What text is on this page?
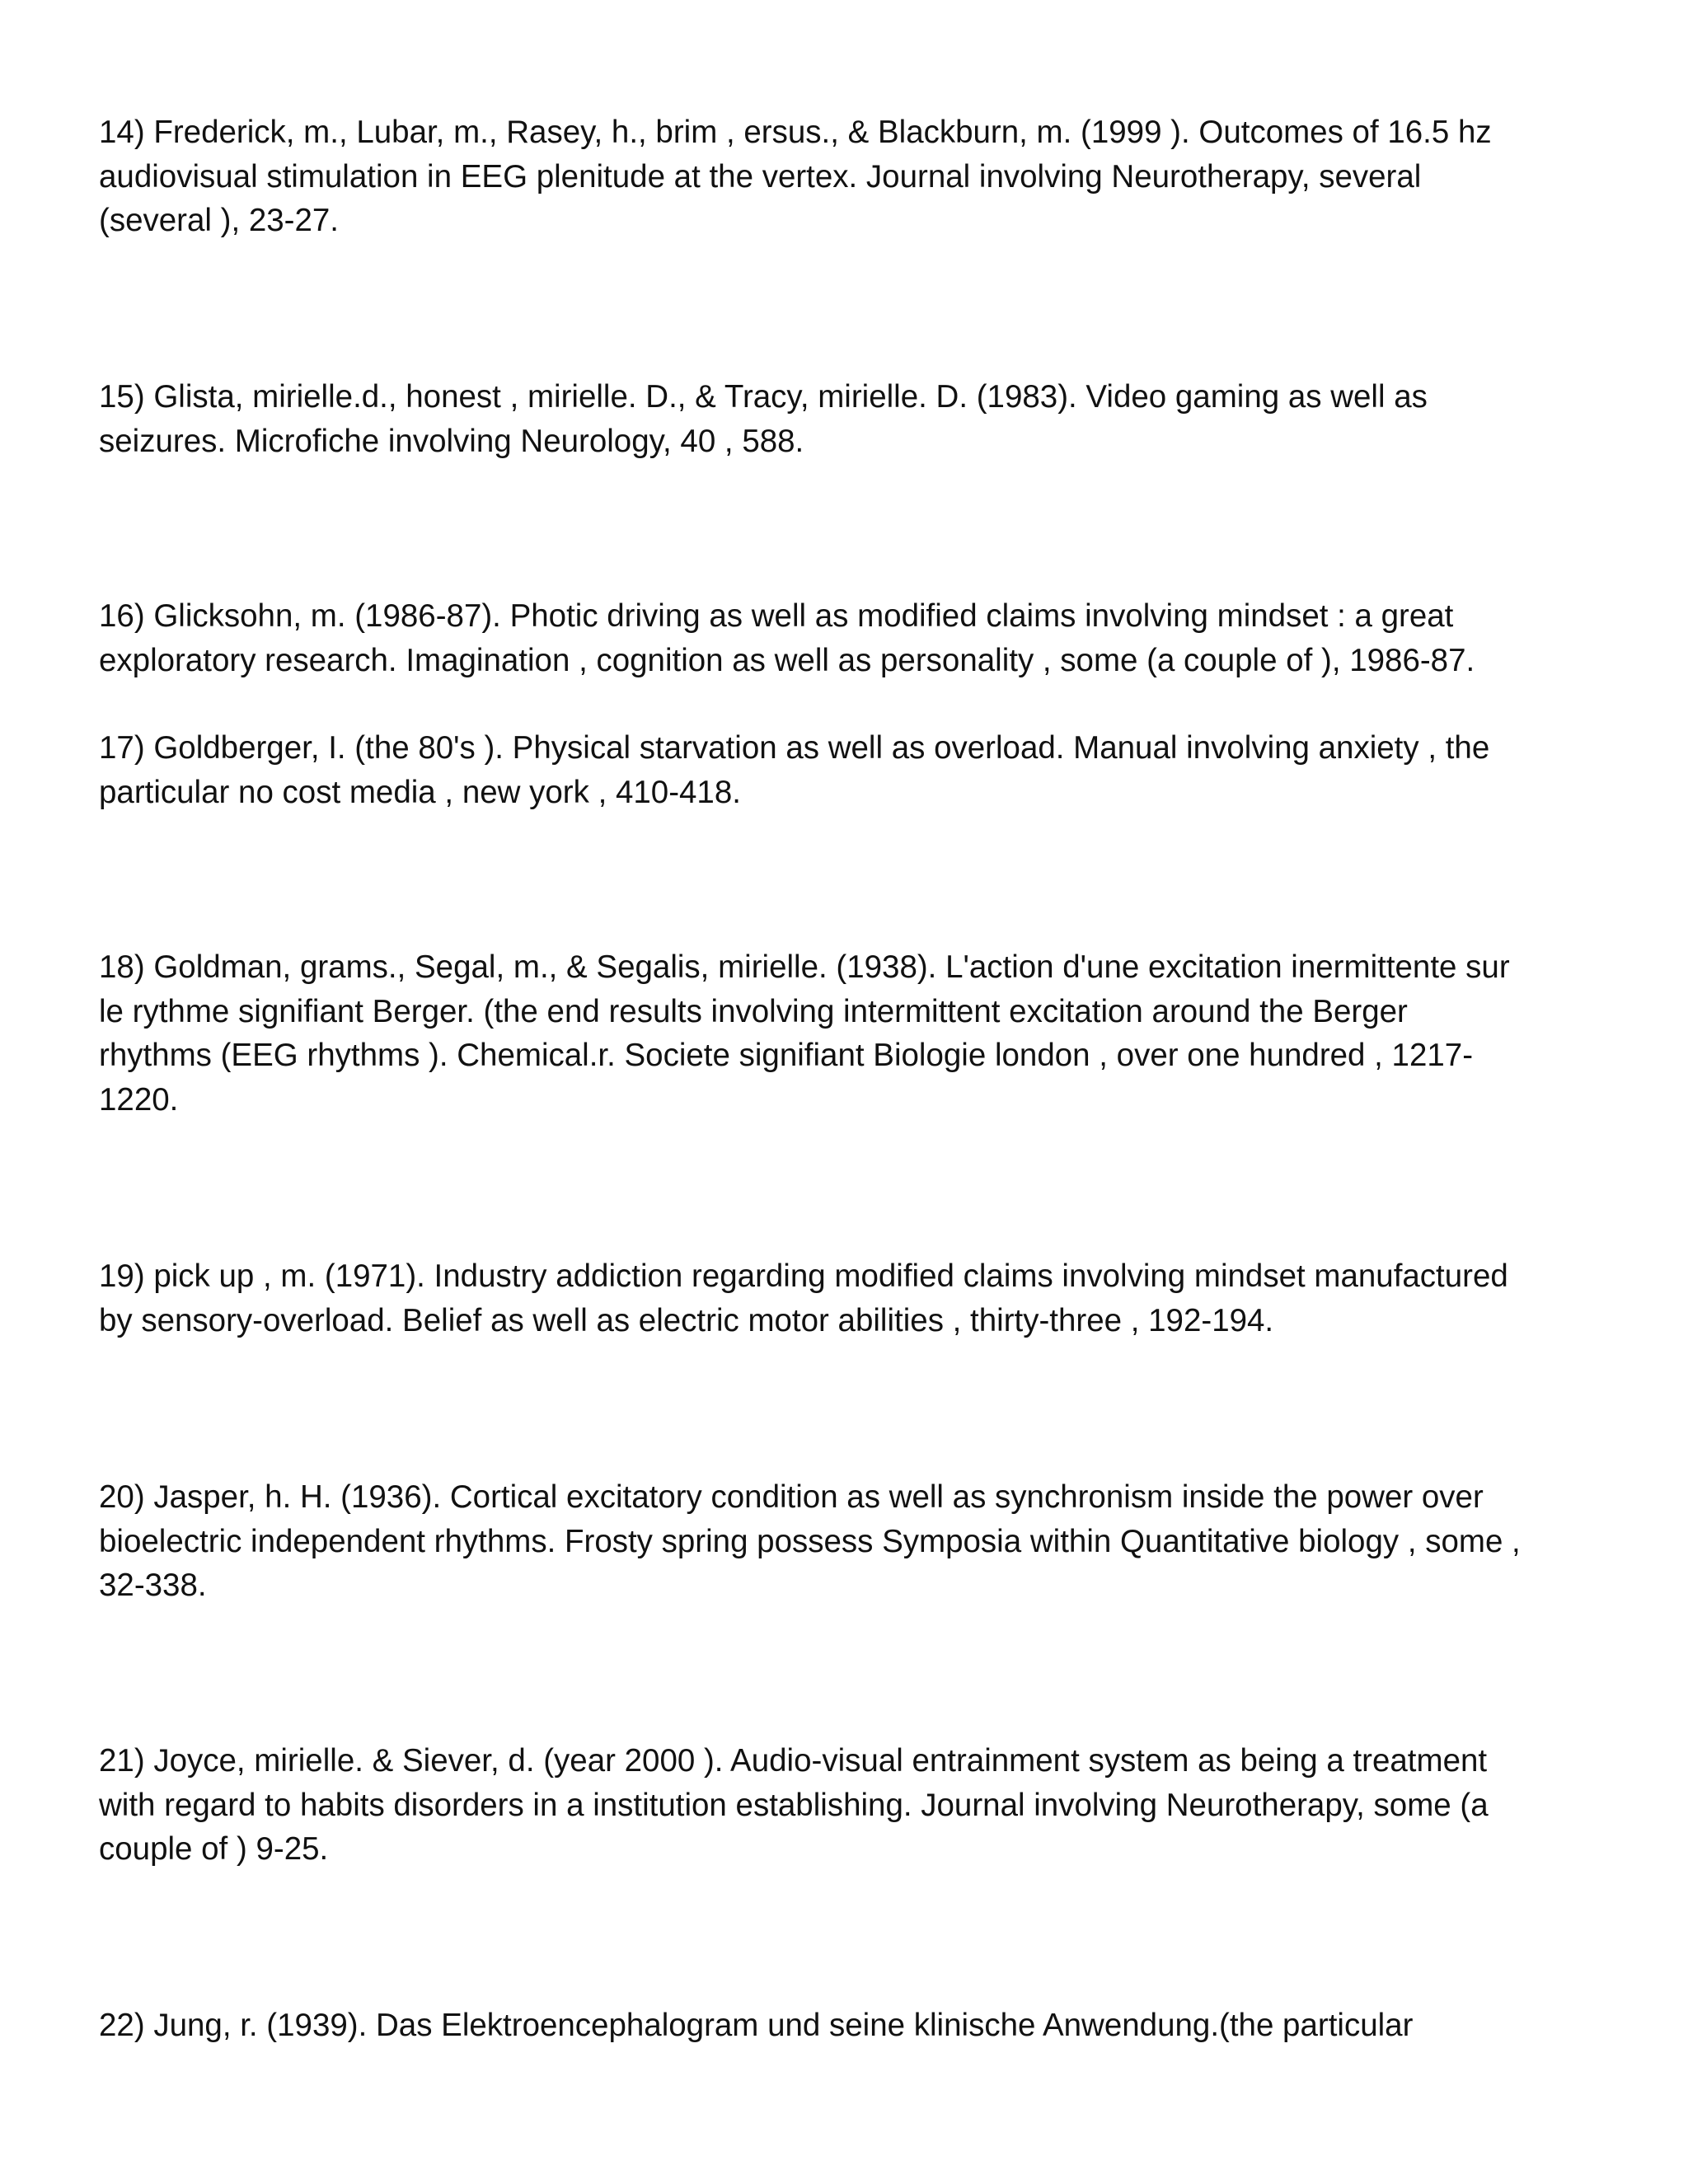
14) Frederick, m., Lubar, m., Rasey, h., brim , ersus., & Blackburn, m. (1999 ). Outcomes of 16.5 hz
audiovisual stimulation in EEG plenitude at the vertex. Journal involving Neurotherapy, several
(several ), 23-27.

15) Glista, mirielle.d., honest , mirielle. D., & Tracy, mirielle. D. (1983). Video gaming as well as
seizures. Microfiche involving Neurology, 40 , 588.

16) Glicksohn, m. (1986-87). Photic driving as well as modified claims involving mindset : a great
exploratory research. Imagination , cognition as well as personality , some (a couple of ), 1986-87.

17) Goldberger, I. (the 80's ). Physical starvation as well as overload. Manual involving anxiety , the
particular no cost media , new york , 410-418.

18) Goldman, grams., Segal, m., & Segalis, mirielle. (1938). L'action d'une excitation inermittente sur
le rythme signifiant Berger. (the end results involving intermittent excitation around the Berger
rhythms (EEG rhythms ). Chemical.r. Societe signifiant Biologie london , over one hundred , 1217-
1220.

19) pick up , m. (1971). Industry addiction regarding modified claims involving mindset manufactured
by sensory-overload. Belief as well as electric motor abilities , thirty-three , 192-194.

20) Jasper, h. H. (1936). Cortical excitatory condition as well as synchronism inside the power over
bioelectric independent rhythms. Frosty spring possess Symposia within Quantitative biology , some ,
32-338.

21) Joyce, mirielle. & Siever, d. (year 2000 ). Audio-visual entrainment system as being a treatment
with regard to habits disorders in a institution establishing. Journal involving Neurotherapy, some (a
couple of ) 9-25.

22) Jung, r. (1939). Das Elektroencephalogram und seine klinische Anwendung.(the particular
